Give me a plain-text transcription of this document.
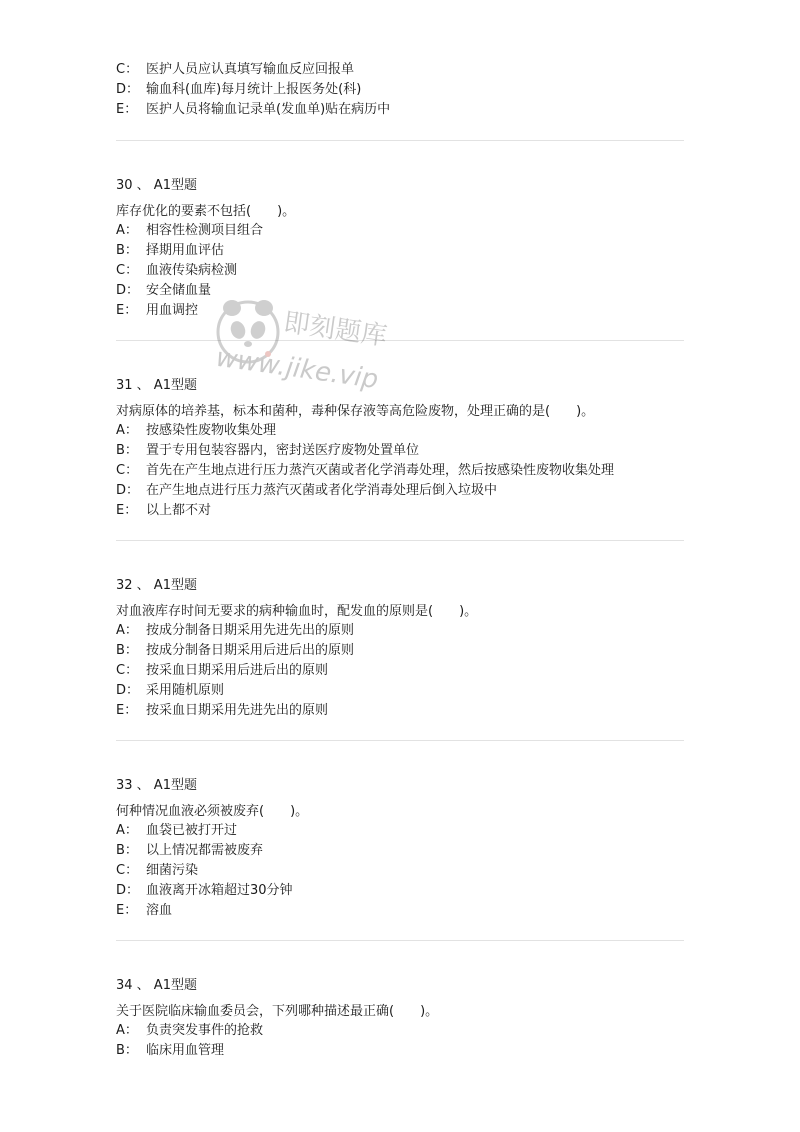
C： 医护人员应认真填写输血反应回报单
D： 输血科(血库)每月统计上报医务处(科)
E： 医护人员将输血记录单(发血单)贴在病历中
30 、 A1型题
库存优化的要素不包括(　　)。
A： 相容性检测项目组合
B： 择期用血评估
C： 血液传染病检测
D： 安全储血量
E： 用血调控
31 、 A1型题
对病原体的培养基，标本和菌种，毒种保存液等高危险废物，处理正确的是(　　)。
A： 按感染性废物收集处理
B： 置于专用包装容器内，密封送医疗废物处置单位
C： 首先在产生地点进行压力蒸汽灭菌或者化学消毒处理，然后按感染性废物收集处理
D： 在产生地点进行压力蒸汽灭菌或者化学消毒处理后倒入垃圾中
E： 以上都不对
32 、 A1型题
对血液库存时间无要求的病种输血时，配发血的原则是(　　)。
A： 按成分制备日期采用先进先出的原则
B： 按成分制备日期采用后进后出的原则
C： 按采血日期采用后进后出的原则
D： 采用随机原则
E： 按采血日期采用先进先出的原则
33 、 A1型题
何种情况血液必须被废弃(　　)。
A： 血袋已被打开过
B： 以上情况都需被废弃
C： 细菌污染
D： 血液离开冰箱超过30分钟
E： 溶血
34 、 A1型题
关于医院临床输血委员会，下列哪种描述最正确(　　)。
A： 负责突发事件的抢救
B： 临床用血管理
即刻题库
www.jike.vip
